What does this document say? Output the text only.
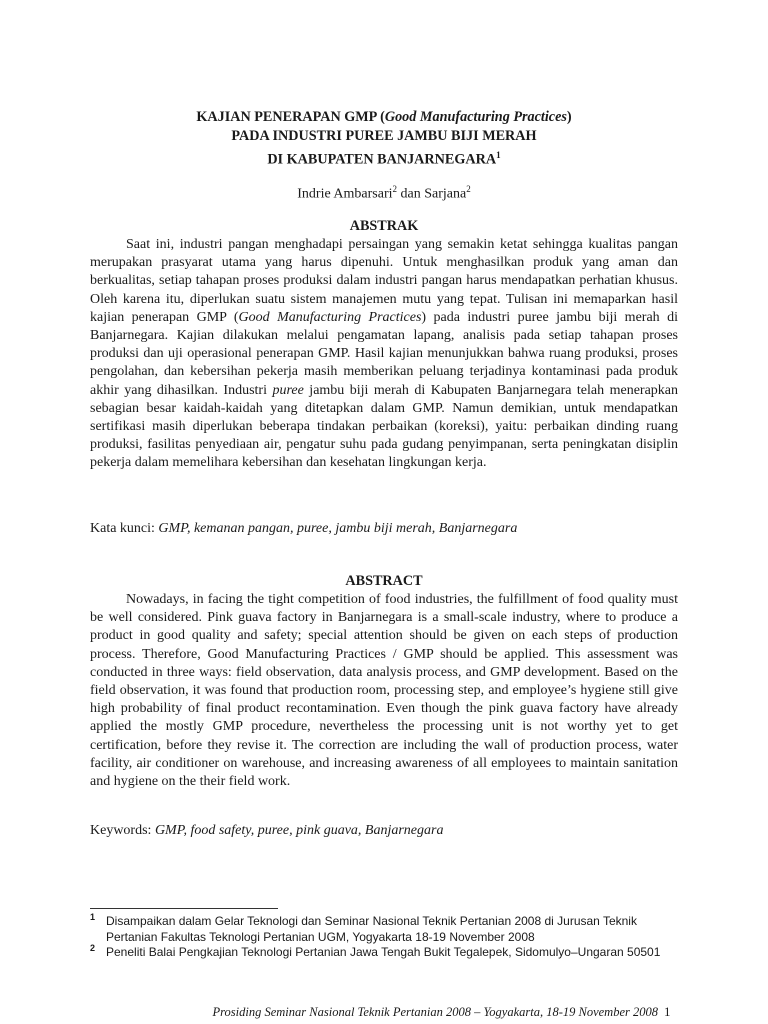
KAJIAN PENERAPAN GMP (Good Manufacturing Practices)
PADA INDUSTRI PUREE JAMBU BIJI MERAH
DI KABUPATEN BANJARNEGARA$^1$
Indrie Ambarsari$^2$ dan Sarjana$^2$
ABSTRAK

Saat ini, industri pangan menghadapi persaingan yang semakin ketat sehingga kualitas pangan merupakan prasyarat utama yang harus dipenuhi. Untuk menghasilkan produk yang aman dan berkualitas, setiap tahapan proses produksi dalam industri pangan harus mendapatkan perhatian khusus. Oleh karena itu, diperlukan suatu sistem manajemen mutu yang tepat. Tulisan ini memaparkan hasil kajian penerapan GMP (Good Manufacturing Practices) pada industri puree jambu biji merah di Banjarnegara. Kajian dilakukan melalui pengamatan lapang, analisis pada setiap tahapan proses produksi dan uji operasional penerapan GMP. Hasil kajian menunjukkan bahwa ruang produksi, proses pengolahan, dan kebersihan pekerja masih memberikan peluang terjadinya kontaminasi pada produk akhir yang dihasilkan. Industri puree jambu biji merah di Kabupaten Banjarnegara telah menerapkan sebagian besar kaidah-kaidah yang ditetapkan dalam GMP. Namun demikian, untuk mendapatkan sertifikasi masih diperlukan beberapa tindakan perbaikan (koreksi), yaitu: perbaikan dinding ruang produksi, fasilitas penyediaan air, pengatur suhu pada gudang penyimpanan, serta peningkatan disiplin pekerja dalam memelihara kebersihan dan kesehatan lingkungan kerja.

Kata kunci: GMP, kemanan pangan, puree, jambu biji merah, Banjarnegara
ABSTRACT

Nowadays, in facing the tight competition of food industries, the fulfillment of food quality must be well considered. Pink guava factory in Banjarnegara is a small-scale industry, where to produce a product in good quality and safety; special attention should be given on each steps of production process. Therefore, Good Manufacturing Practices / GMP should be applied. This assessment was conducted in three ways: field observation, data analysis process, and GMP development. Based on the field observation, it was found that production room, processing step, and employee’s hygiene still give high probability of final product recontamination. Even though the pink guava factory have already applied the mostly GMP procedure, nevertheless the processing unit is not worthy yet to get certification, before they revise it. The correction are including the wall of production process, water facility, air conditioner on warehouse, and increasing awareness of all employees to maintain sanitation and hygiene on the their field work.

Keywords: GMP, food safety, puree, pink guava, Banjarnegara
1 Disampaikan dalam Gelar Teknologi dan Seminar Nasional Teknik Pertanian 2008 di Jurusan Teknik Pertanian Fakultas Teknologi Pertanian UGM, Yogyakarta 18-19 November 2008
2 Peneliti Balai Pengkajian Teknologi Pertanian Jawa Tengah Bukit Tegalepek, Sidomulyo–Ungaran 50501
Prosiding Seminar Nasional Teknik Pertanian 2008 – Yogyakarta, 18-19 November 2008 1
